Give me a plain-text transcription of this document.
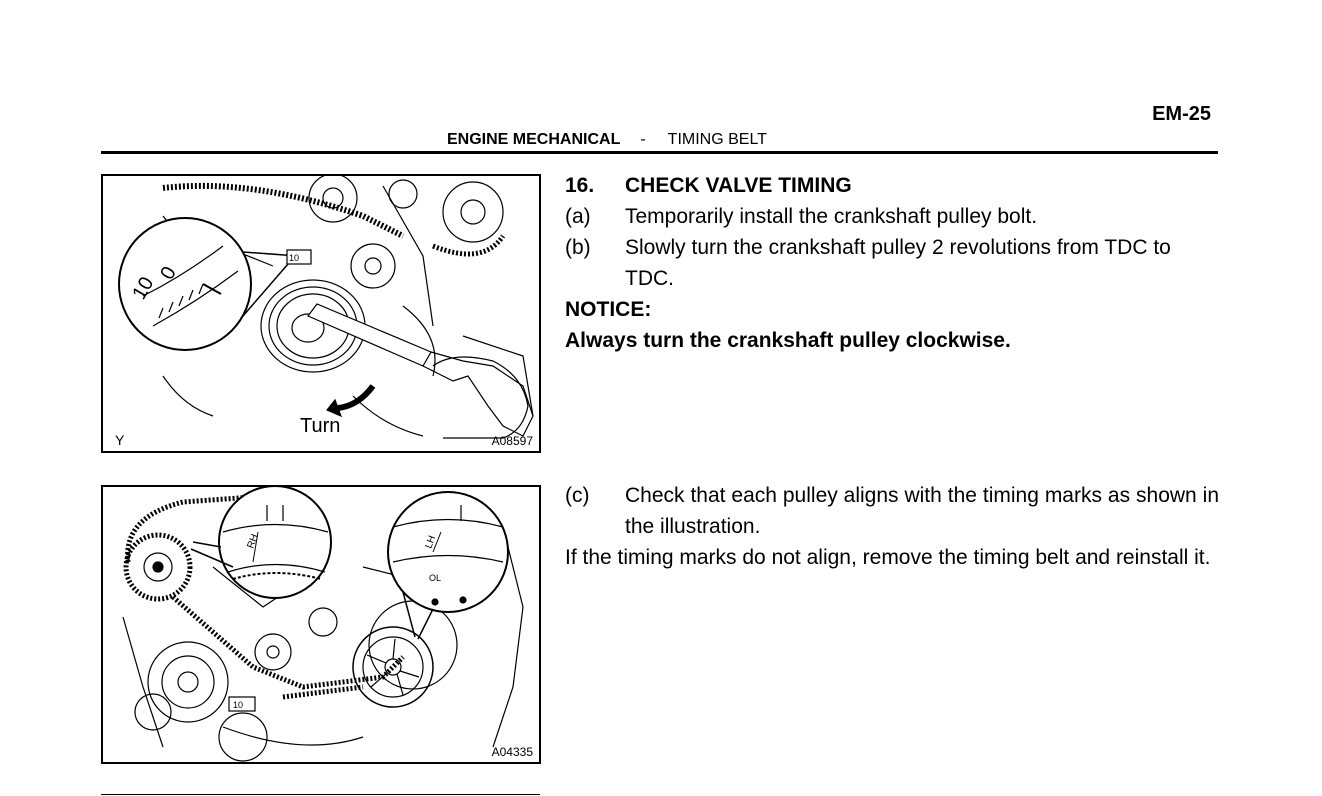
EM-25
ENGINE MECHANICAL - TIMING BELT
10
0
10
Turn
Y	A08597
RH	LH
10
OL
A04335
16.	CHECK VALVE TIMING
(a)	Temporarily install the crankshaft pulley bolt.
(b)	Slowly turn the crankshaft pulley 2 revolutions from TDC to TDC.
NOTICE:
Always turn the crankshaft pulley clockwise.
(c)	Check that each pulley aligns with the timing marks as shown in the illustration.
If the timing marks do not align, remove the timing belt and reinstall it.
